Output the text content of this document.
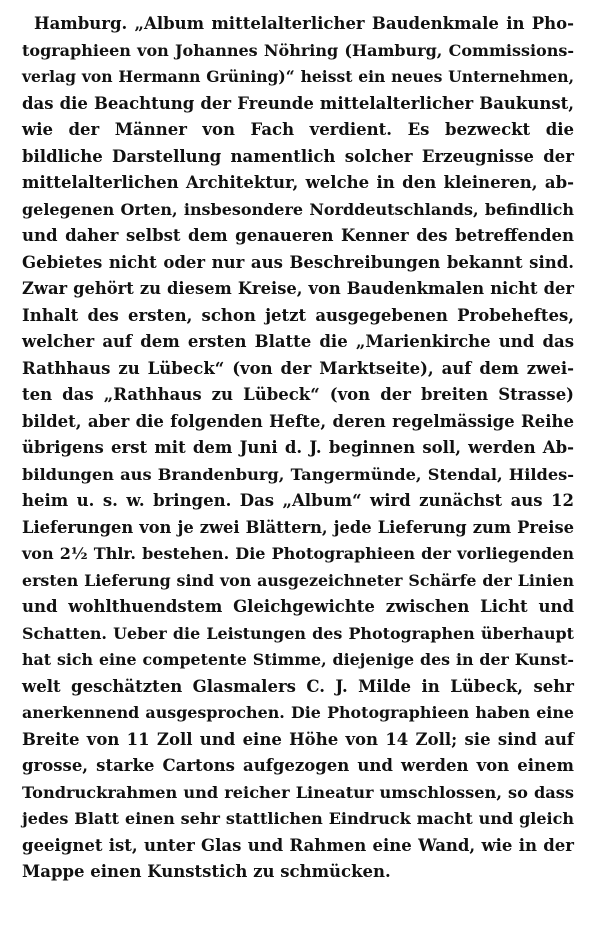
Hamburg. „Album mittelalterlicher Baudenkmale in Pho-
tographieen von Johannes Nöhring (Hamburg, Commissions-
verlag von Hermann Grüning)“ heisst ein neues Unternehmen,
das die Beachtung der Freunde mittelalterlicher Baukunst,
wie der Männer von Fach verdient. Es bezweckt die
bildliche Darstellung namentlich solcher Erzeugnisse der
mittelalterlichen Architektur, welche in den kleineren, ab-
gelegenen Orten, insbesondere Norddeutschlands, befindlich
und daher selbst dem genaueren Kenner des betreffenden
Gebietes nicht oder nur aus Beschreibungen bekannt sind.
Zwar gehört zu diesem Kreise, von Baudenkmalen nicht der
Inhalt des ersten, schon jetzt ausgegebenen Probeheftes,
welcher auf dem ersten Blatte die „Marienkirche und das
Rathhaus zu Lübeck“ (von der Marktseite), auf dem zwei-
ten das „Rathhaus zu Lübeck“ (von der breiten Strasse)
bildet, aber die folgenden Hefte, deren regelmässige Reihe
übrigens erst mit dem Juni d. J. beginnen soll, werden Ab-
bildungen aus Brandenburg, Tangermünde, Stendal, Hildes-
heim u. s. w. bringen. Das „Album“ wird zunächst aus 12
Lieferungen von je zwei Blättern, jede Lieferung zum Preise
von 2½ Thlr. bestehen. Die Photographieen der vorliegenden
ersten Lieferung sind von ausgezeichneter Schärfe der Linien
und wohlthuendstem Gleichgewichte zwischen Licht und
Schatten. Ueber die Leistungen des Photographen überhaupt
hat sich eine competente Stimme, diejenige des in der Kunst-
welt geschätzten Glasmalers C. J. Milde in Lübeck, sehr
anerkennend ausgesprochen. Die Photographieen haben eine
Breite von 11 Zoll und eine Höhe von 14 Zoll; sie sind auf
grosse, starke Cartons aufgezogen und werden von einem
Tondruckrahmen und reicher Lineatur umschlossen, so dass
jedes Blatt einen sehr stattlichen Eindruck macht und gleich
geeignet ist, unter Glas und Rahmen eine Wand, wie in der
Mappe einen Kunststich zu schmücken.
